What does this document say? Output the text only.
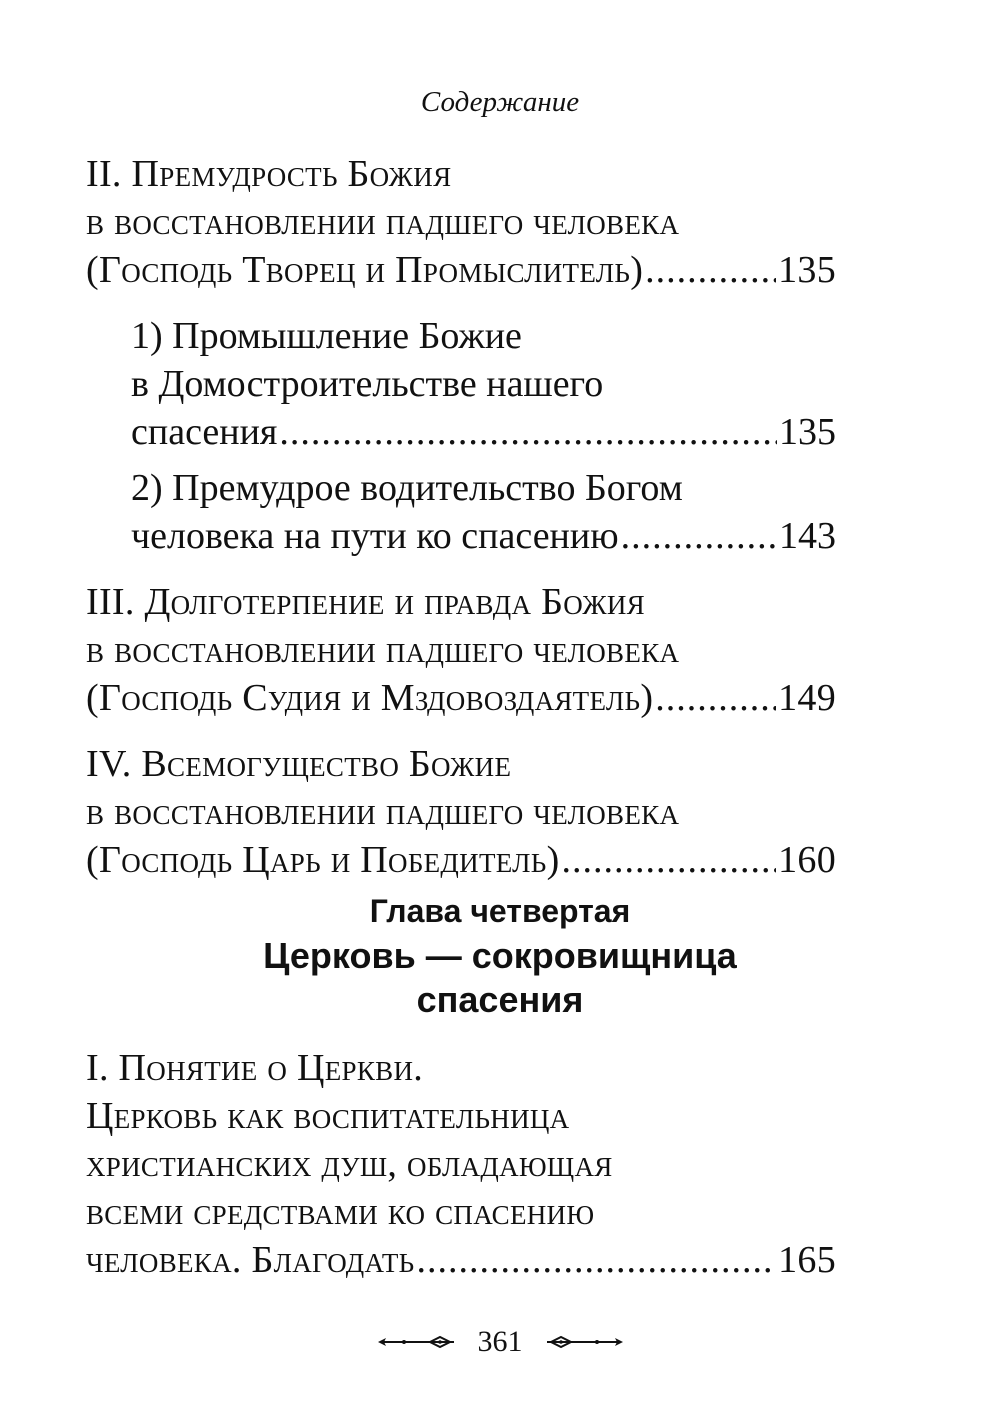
Содержание
II. Премудрость Божия
в восстановлении падшего человека
(Господь Творец и Промыслитель) .....	135
1) Промышление Божие
в Домостроительстве нашего
спасения .....	135
2) Премудрое водительство Богом
человека на пути ко спасению .....	143
III. Долготерпение и правда Божия
в восстановлении падшего человека
(Господь Судия и Мздовоздаятель) .....	149
IV. Всемогущество Божие
в восстановлении падшего человека
(Господь Царь и Победитель) .....	160
Глава четвертая
Церковь — сокровищница
спасения
I. Понятие о Церкви.
Церковь как воспитательница
христианских душ, обладающая
всеми средствами ко спасению
человека. Благодать .....	165
361
